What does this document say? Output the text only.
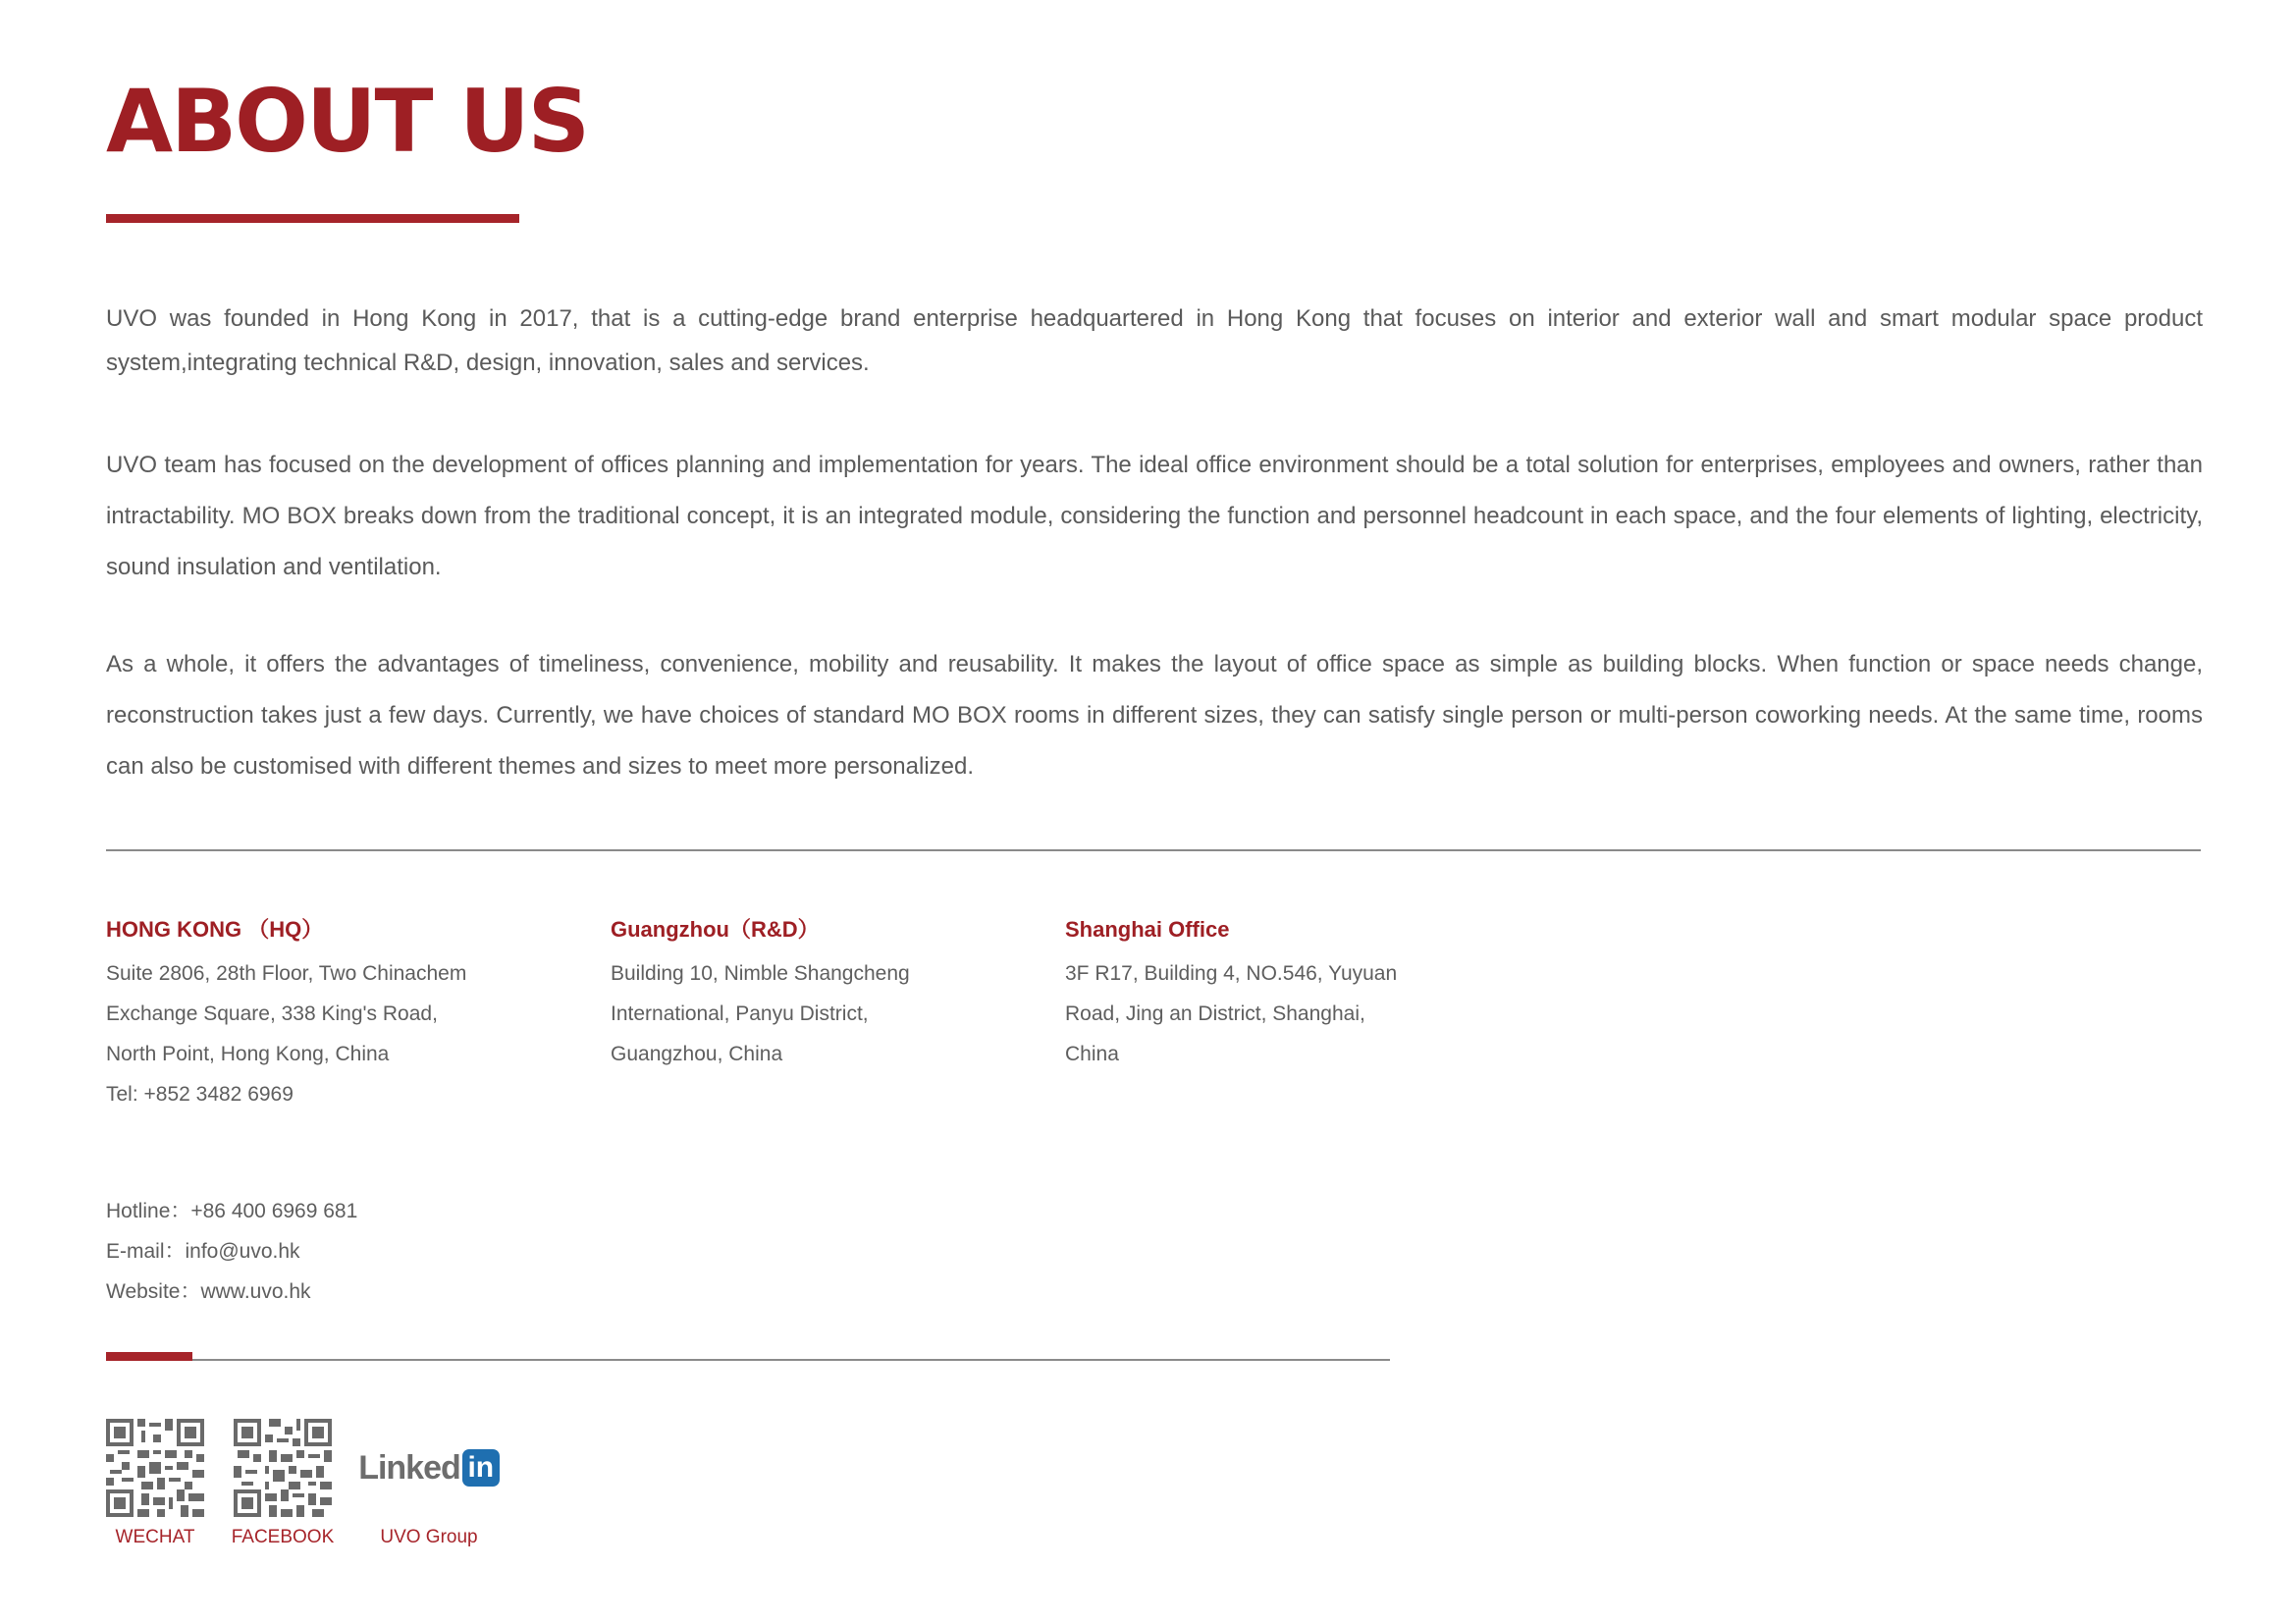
ABOUT US

UVO was founded in Hong Kong in 2017, that is a cutting-edge brand enterprise headquartered in Hong Kong that focuses on interior and exterior wall and smart modular space product system,integrating technical R&D, design, innovation, sales and services.

UVO team has focused on the development of offices planning and implementation for years. The ideal office environment should be a total solution for enterprises, employees and owners, rather than intractability. MO BOX breaks down from the traditional concept, it is an integrated module, considering the function and personnel headcount in each space, and the four elements of lighting, electricity, sound insulation and ventilation.

As a whole, it offers the advantages of timeliness, convenience, mobility and reusability. It makes the layout of office space as simple as building blocks. When function or space needs change, reconstruction takes just a few days. Currently, we have choices of standard MO BOX rooms in different sizes, they can satisfy single person or multi-person coworking needs. At the same time, rooms can also be customised with different themes and sizes to meet more personalized.

HONG KONG （HQ）

Suite 2806, 28th Floor, Two Chinachem

Exchange Square, 338 King's Road,

North Point, Hong Kong, China

Tel: +852 3482 6969

Guangzhou（R&D）

Building 10, Nimble Shangcheng

International, Panyu District,

Guangzhou, China

Shanghai Office

3F R17, Building 4, NO.546, Yuyuan

Road, Jing an District, Shanghai,

China

Hotline：+86 400 6969 681
E-mail：info@uvo.hk
Website：www.uvo.hk
WECHAT	FACEBOOK
Linked in
UVO Group
